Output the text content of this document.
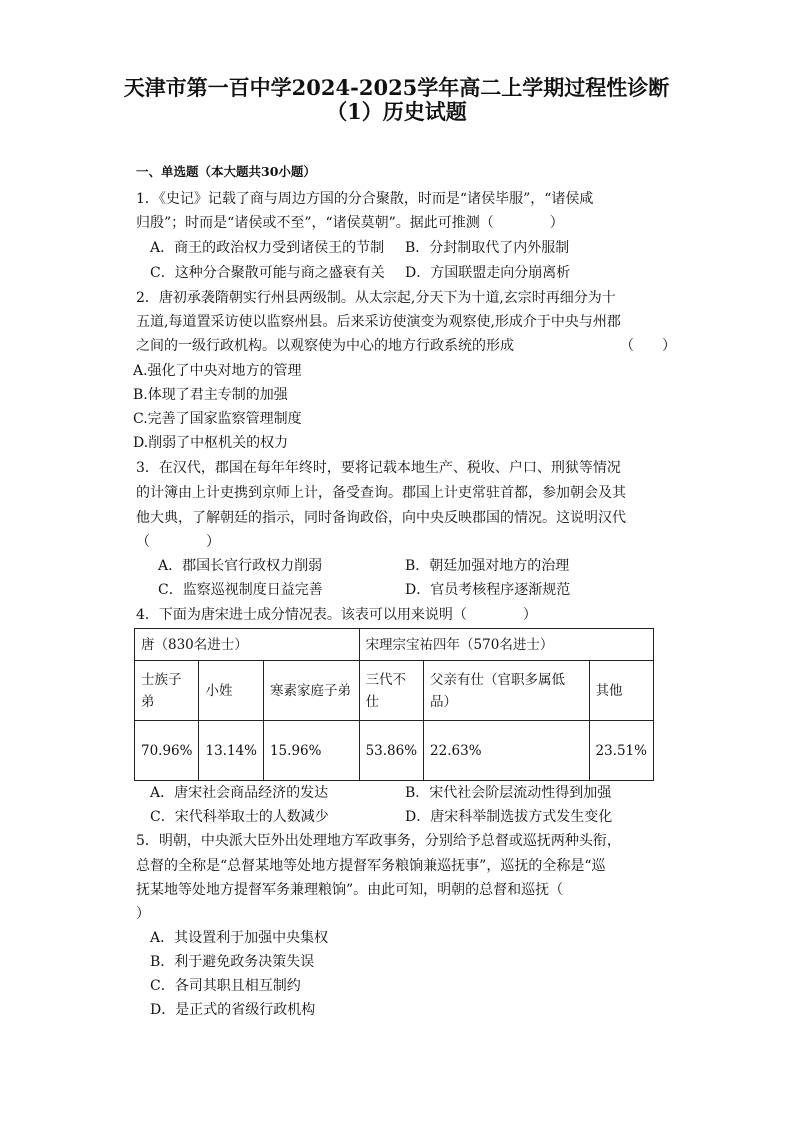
天津市第一百中学2024-2025学年高二上学期过程性诊断
（1）历史试题
一、单选题（本大题共30小题）
1．《史记》记载了商与周边方国的分合聚散，时而是“诸侯毕服”，“诸侯咸
归殷”；时而是“诸侯或不至”，“诸侯莫朝”。据此可推测（　　　　）
A．商王的政治权力受到诸侯王的节制 B．分封制取代了内外服制
C．这种分合聚散可能与商之盛衰有关 D．方国联盟走向分崩离析
2．唐初承袭隋朝实行州县两级制。从太宗起,分天下为十道,玄宗时再细分为十
五道,每道置采访使以监察州县。后来采访使演变为观察使,形成介于中央与州郡
之间的一级行政机构。以观察使为中心的地方行政系统的形成	（　　）
A.强化了中央对地方的管理
B.体现了君主专制的加强
C.完善了国家监察管理制度
D.削弱了中枢机关的权力
3．在汉代，郡国在每年年终时，要将记载本地生产、税收、户口、刑狱等情况
的计簿由上计吏携到京师上计，备受查询。郡国上计吏常驻首都，参加朝会及其
他大典，了解朝廷的指示，同时备询政俗，向中央反映郡国的情况。这说明汉代
（　　　　）
A．郡国长官行政权力削弱	B．朝廷加强对地方的治理
C．监察巡视制度日益完善	D．官员考核程序逐渐规范
4．下面为唐宋进士成分情况表。该表可以用来说明（　　　　）
唐（830名进士）			宋理宗宝祐四年（570名进士）		
士族子弟	小姓	寒素家庭子弟	三代不仕	父亲有仕（官职多属低品）	其他
70.96%	13.14%	15.96%	53.86%	22.63%	23.51%
A．唐宋社会商品经济的发达	B．宋代社会阶层流动性得到加强
C．宋代科举取士的人数减少	D．唐宋科举制选拔方式发生变化
5．明朝，中央派大臣外出处理地方军政事务，分别给予总督或巡抚两种头衔，
总督的全称是“总督某地等处地方提督军务粮饷兼巡抚事”，巡抚的全称是“巡
抚某地等处地方提督军务兼理粮饷”。由此可知，明朝的总督和巡抚（
）
A．其设置利于加强中央集权
B．利于避免政务决策失误
C．各司其职且相互制约
D．是正式的省级行政机构
